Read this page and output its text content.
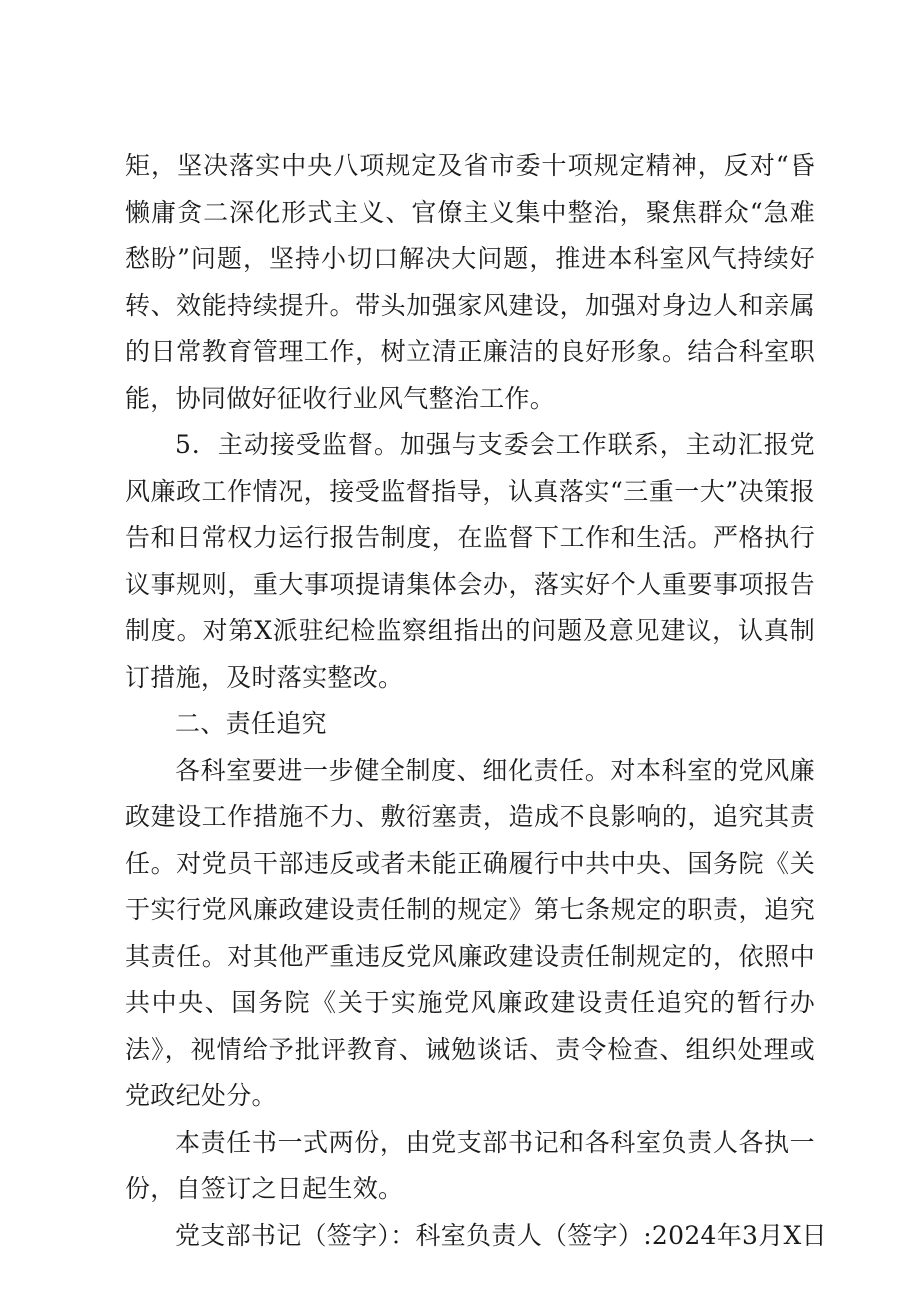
矩，坚决落实中央八项规定及省市委十项规定精神，反对“昏懒庸贪二深化形式主义、官僚主义集中整治，聚焦群众“急难愁盼”问题，坚持小切口解决大问题，推进本科室风气持续好转、效能持续提升。带头加强家风建设，加强对身边人和亲属的日常教育管理工作，树立清正廉洁的良好形象。结合科室职能，协同做好征收行业风气整治工作。

5．主动接受监督。加强与支委会工作联系，主动汇报党风廉政工作情况，接受监督指导，认真落实“三重一大”决策报告和日常权力运行报告制度，在监督下工作和生活。严格执行议事规则，重大事项提请集体会办，落实好个人重要事项报告制度。对第X派驻纪检监察组指出的问题及意见建议，认真制订措施，及时落实整改。

二、责任追究

各科室要进一步健全制度、细化责任。对本科室的党风廉政建设工作措施不力、敷衍塞责，造成不良影响的，追究其责任。对党员干部违反或者未能正确履行中共中央、国务院《关于实行党风廉政建设责任制的规定》第七条规定的职责，追究其责任。对其他严重违反党风廉政建设责任制规定的，依照中共中央、国务院《关于实施党风廉政建设责任追究的暂行办法》，视情给予批评教育、诫勉谈话、责令检查、组织处理或党政纪处分。

本责任书一式两份，由党支部书记和各科室负责人各执一份，自签订之日起生效。

党支部书记（签字）：科室负责人（签字）:2024年3月X日
